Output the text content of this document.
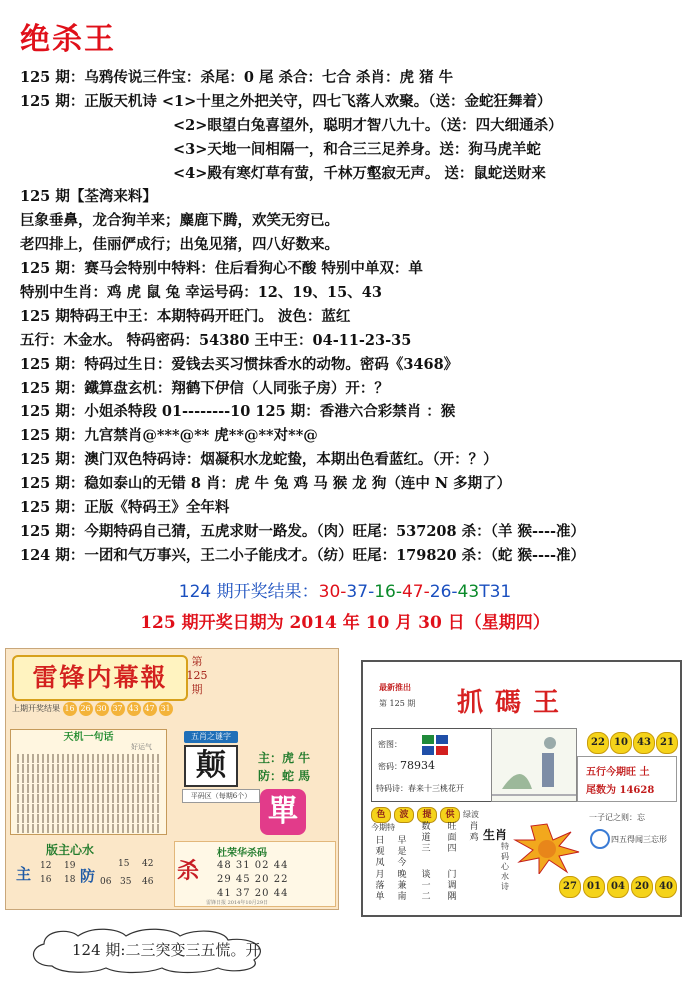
绝杀王
125 期：乌鸦传说三件宝：杀尾：0 尾 杀合：七合 杀肖：虎 猪 牛
125 期：正版天机诗 <1>十里之外把关守，四七飞落人欢聚。（送：金蛇狂舞着）
<2>眼望白兔喜望外，聪明才智八九十。（送：四大细通杀）
<3>天地一间相隔一，和合三三足养身。送：狗马虎羊蛇
<4>殿有寒灯草有萤，千林万壑寂无声。 送：鼠蛇送财来
125 期【荃湾来料】
巨象垂鼻，龙合狗羊来；麋鹿下腾，欢笑无穷已。
老四排上，佳丽俨成行；出兔见猪，四八好数来。
125 期：赛马会特别中特料：住后看狗心不酸 特别中单双：单
特别中生肖：鸡 虎 鼠 兔 幸运号码：12、19、15、43
125 期特码王中王：本期特码开旺门。 波色：蓝红
五行：木金水。 特码密码：54380 王中王：04-11-23-35
125 期：特码过生日：爱钱去买习惯抹香水的动物。密码《3468》
125 期：鐵算盘玄机：翔鹤下伊信（人同张子房）开：？
125 期：小姐杀特段 01--------10 125 期：香港六合彩禁肖 ：猴
125 期：九宫禁肖@***@** 虎**@**对**@
125 期：澳门双色特码诗：烟凝积水龙蛇蛰，本期出色看蓝红。（开：？）
125 期：稳如泰山的无错 8 肖：虎 牛 兔 鸡 马 猴 龙 狗（连中 N 多期了）
125 期：正版《特码王》全年料
125 期：今期特码自己猜，五虎求财一路发。（肉）旺尾：537208 杀：（羊 猴----准）
124 期：一团和气万事兴，王二小子能戌才。（纺）旺尾：179820 杀：（蛇 猴----准）
124 期开奖结果：30-37-16-47-26-43T31
125 期开奖日期为 2014 年 10 月 30 日（星期四）
雷锋内幕報
第125期
上期开奖结果 16 26 30 37 43 47 31
天机一句话
好运气
五肖之谜字
颠	主：虎 牛
防：蛇 馬
平码区（每期6个） 單
版主心水
主 12 19
16 18 防
15 42
06 35 46 杀
杜荣华杀码
48 31 02 44
29 45 20 22
41 37 20 44
雷锋日报 2014年10月29日
最新推出
第 125 期 抓碼王
密图：
密码：
78934
特码诗：春来十三桃花开
22 10 43 21
五行今期旺 土
尾数为 14628
色 波 提 供 绿波
今期特
日观凤
早是今
数道三
旺面四
肖鸡
月落单
晚兼南
谈一二
门调隅
生肖
特码心水诗
一子记之则：忘
四五得闻三忘形
27 01 04 20 40
124 期:二三突变三五慌。开
